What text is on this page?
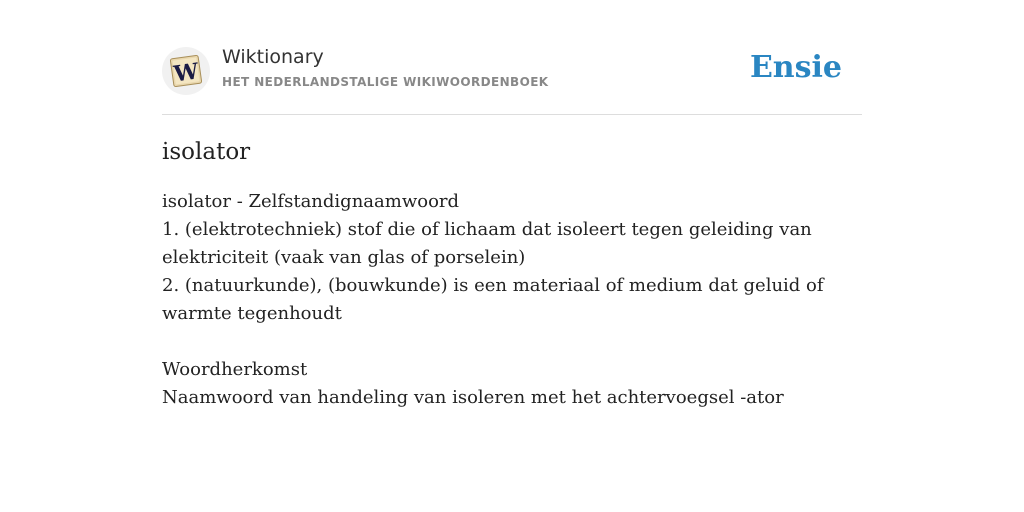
W
Wiktionary
HET NEDERLANDSTALIGE WIKIWOORDENBOEK	Ensie
isolator

isolator - Zelfstandignaamwoord

1. (elektrotechniek) stof die of lichaam dat isoleert tegen geleiding van elektriciteit (vaak van glas of porselein)

2. (natuurkunde), (bouwkunde) is een materiaal of medium dat geluid of warmte tegenhoudt

Woordherkomst

Naamwoord van handeling van isoleren met het achtervoegsel -ator
